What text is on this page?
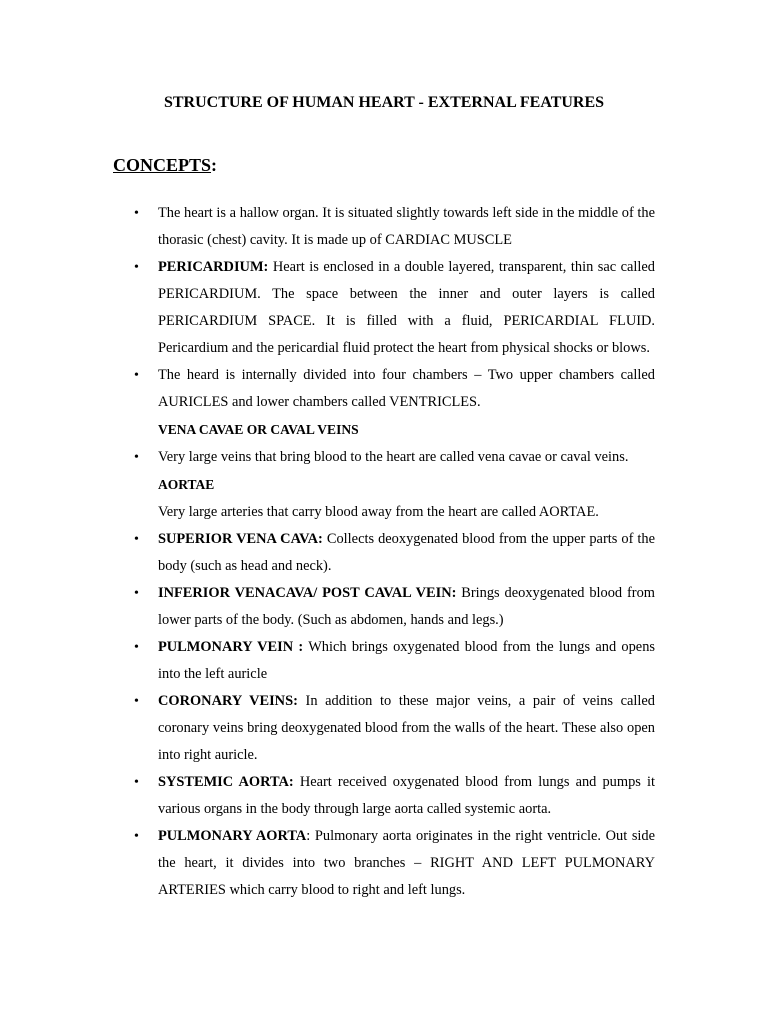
STRUCTURE OF HUMAN HEART - EXTERNAL FEATURES
CONCEPTS:
• The heart is a hallow organ. It is situated slightly towards left side in the middle of the thorasic (chest) cavity. It is made up of CARDIAC MUSCLE
• PERICARDIUM: Heart is enclosed in a double layered, transparent, thin sac called PERICARDIUM. The space between the inner and outer layers is called PERICARDIUM SPACE. It is filled with a fluid, PERICARDIAL FLUID. Pericardium and the pericardial fluid protect the heart from physical shocks or blows.
• The heard is internally divided into four chambers – Two upper chambers called AURICLES and lower chambers called VENTRICLES.
VENA CAVAE OR CAVAL VEINS
• Very large veins that bring blood to the heart are called vena cavae or caval veins.
AORTAE
Very large arteries that carry blood away from the heart are called AORTAE.
• SUPERIOR VENA CAVA: Collects deoxygenated blood from the upper parts of the body (such as head and neck).
• INFERIOR VENACAVA/ POST CAVAL VEIN: Brings deoxygenated blood from lower parts of the body. (Such as abdomen, hands and legs.)
• PULMONARY VEIN : Which brings oxygenated blood from the lungs and opens into the left auricle
• CORONARY VEINS: In addition to these major veins, a pair of veins called coronary veins bring deoxygenated blood from the walls of the heart. These also open into right auricle.
• SYSTEMIC AORTA: Heart received oxygenated blood from lungs and pumps it various organs in the body through large aorta called systemic aorta.
• PULMONARY AORTA: Pulmonary aorta originates in the right ventricle. Out side the heart, it divides into two branches – RIGHT AND LEFT PULMONARY ARTERIES which carry blood to right and left lungs.
